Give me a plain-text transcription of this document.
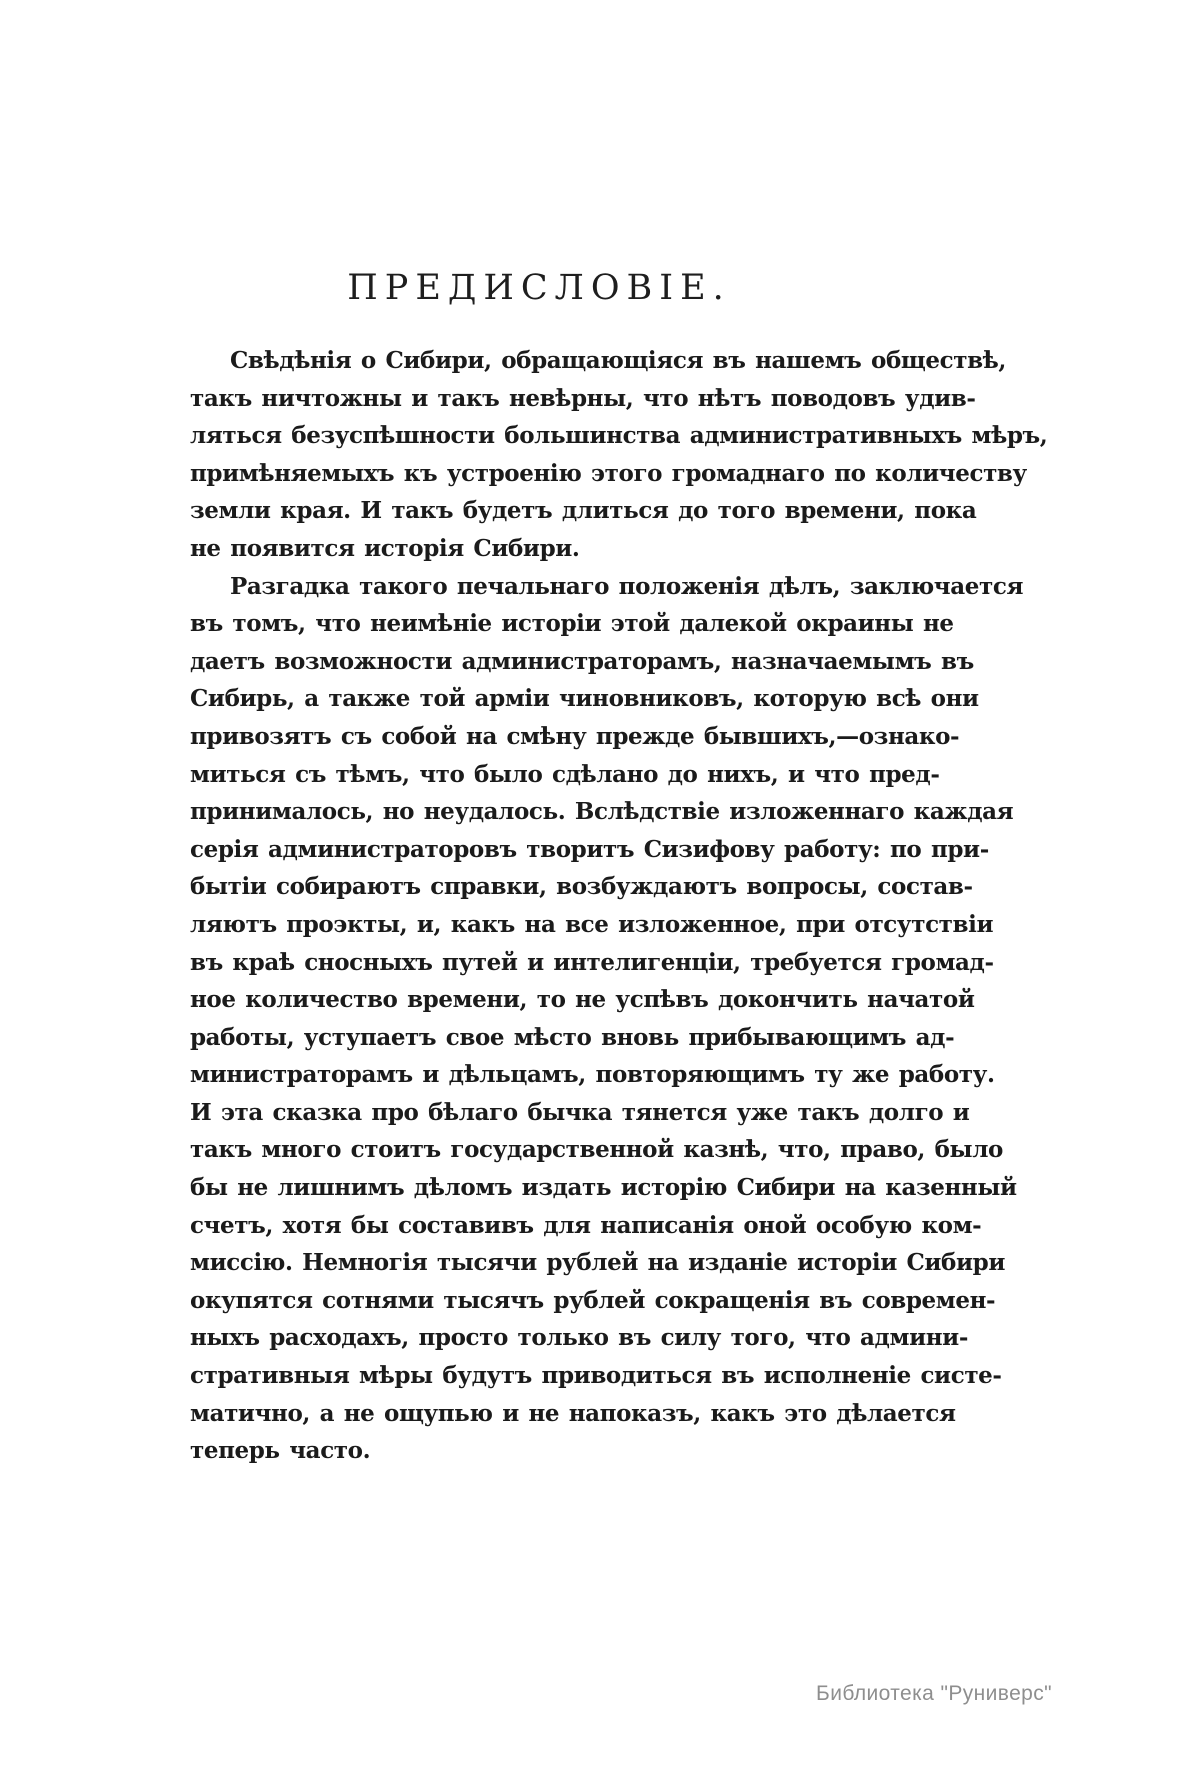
ПРЕДИСЛОВІЕ.
Свѣдѣнія о Сибири, обращающіяся въ нашемъ обществѣ,
такъ ничтожны и такъ невѣрны, что нѣтъ поводовъ удив-
ляться безуспѣшности большинства административныхъ мѣръ,
примѣняемыхъ къ устроенію этого громаднаго по количеству
земли края. И такъ будетъ длиться до того времени, пока
не появится исторія Сибири.
Разгадка такого печальнаго положенія дѣлъ, заключается
въ томъ, что неимѣніе исторіи этой далекой окраины не
даетъ возможности администраторамъ, назначаемымъ въ
Сибирь, а также той арміи чиновниковъ, которую всѣ они
привозятъ съ собой на смѣну прежде бывшихъ,—ознако-
миться съ тѣмъ, что было сдѣлано до нихъ, и что пред-
принималось, но неудалось. Вслѣдствіе изложеннаго каждая
серія администраторовъ творитъ Сизифову работу: по при-
бытіи собираютъ справки, возбуждаютъ вопросы, состав-
ляютъ проэкты, и, какъ на все изложенное, при отсутствіи
въ краѣ сносныхъ путей и интелигенціи, требуется громад-
ное количество времени, то не успѣвъ докончить начатой
работы, уступаетъ свое мѣсто вновь прибывающимъ ад-
министраторамъ и дѣльцамъ, повторяющимъ ту же работу.
И эта сказка про бѣлаго бычка тянется уже такъ долго и
такъ много стоитъ государственной казнѣ, что, право, было
бы не лишнимъ дѣломъ издать исторію Сибири на казенный
счетъ, хотя бы составивъ для написанія оной особую ком-
миссію. Немногія тысячи рублей на изданіе исторіи Сибири
окупятся сотнями тысячъ рублей сокращенія въ современ-
ныхъ расходахъ, просто только въ силу того, что админи-
стративныя мѣры будутъ приводиться въ исполненіе систе-
матично, а не ощупью и не напоказъ, какъ это дѣлается
теперь часто.
Библиотека "Руниверс"
